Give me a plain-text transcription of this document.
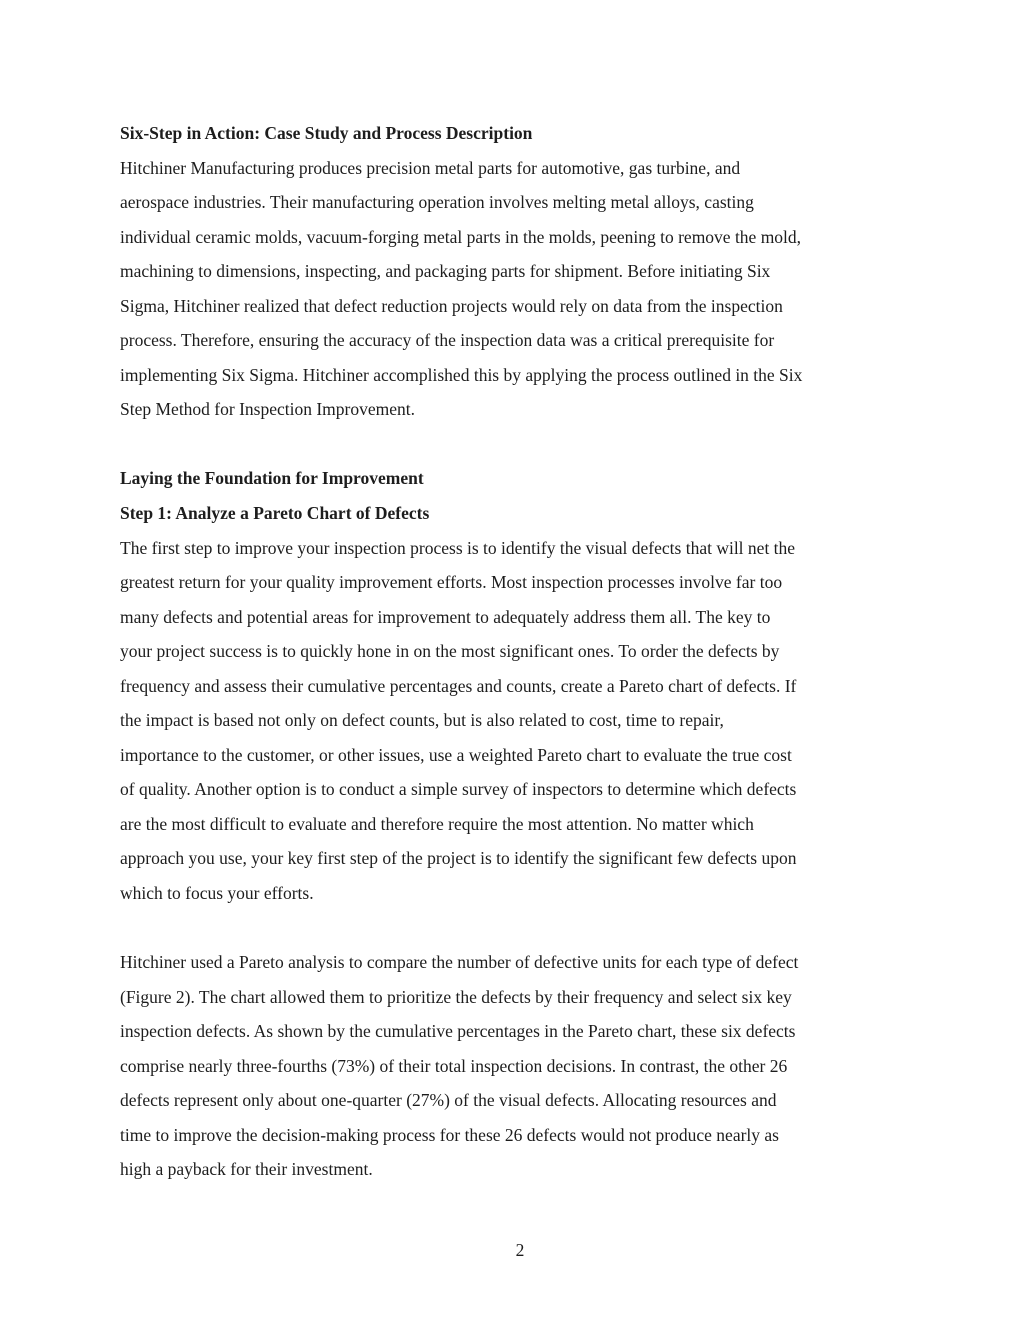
Six-Step in Action: Case Study and Process Description
Hitchiner Manufacturing produces precision metal parts for automotive, gas turbine, and
aerospace industries. Their manufacturing operation involves melting metal alloys, casting
individual ceramic molds, vacuum-forging metal parts in the molds, peening to remove the mold,
machining to dimensions, inspecting, and packaging parts for shipment. Before initiating Six
Sigma, Hitchiner realized that defect reduction projects would rely on data from the inspection
process. Therefore, ensuring the accuracy of the inspection data was a critical prerequisite for
implementing Six Sigma. Hitchiner accomplished this by applying the process outlined in the Six
Step Method for Inspection Improvement.
Laying the Foundation for Improvement
Step 1: Analyze a Pareto Chart of Defects
The first step to improve your inspection process is to identify the visual defects that will net the
greatest return for your quality improvement efforts. Most inspection processes involve far too
many defects and potential areas for improvement to adequately address them all. The key to
your project success is to quickly hone in on the most significant ones. To order the defects by
frequency and assess their cumulative percentages and counts, create a Pareto chart of defects. If
the impact is based not only on defect counts, but is also related to cost, time to repair,
importance to the customer, or other issues, use a weighted Pareto chart to evaluate the true cost
of quality. Another option is to conduct a simple survey of inspectors to determine which defects
are the most difficult to evaluate and therefore require the most attention. No matter which
approach you use, your key first step of the project is to identify the significant few defects upon
which to focus your efforts.
Hitchiner used a Pareto analysis to compare the number of defective units for each type of defect
(Figure 2). The chart allowed them to prioritize the defects by their frequency and select six key
inspection defects. As shown by the cumulative percentages in the Pareto chart, these six defects
comprise nearly three-fourths (73%) of their total inspection decisions. In contrast, the other 26
defects represent only about one-quarter (27%) of the visual defects. Allocating resources and
time to improve the decision-making process for these 26 defects would not produce nearly as
high a payback for their investment.
2
